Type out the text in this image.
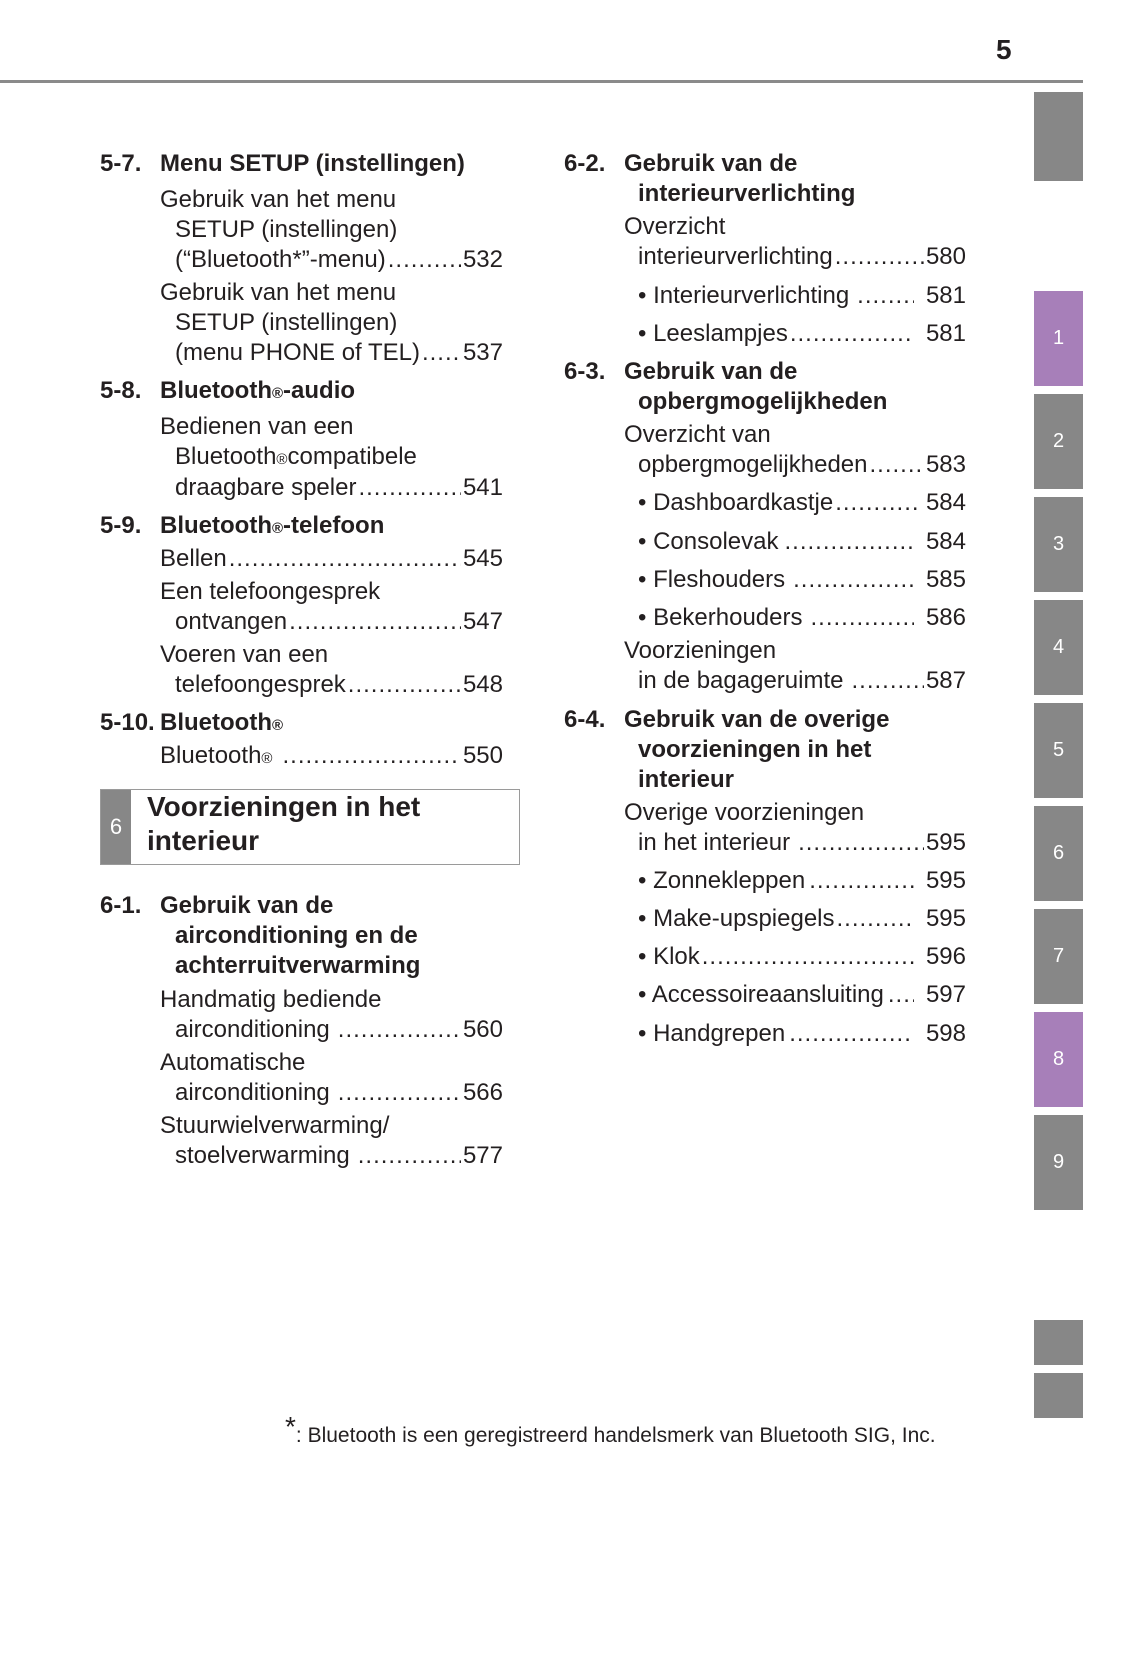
5
5-7. Menu SETUP (instellingen)
Gebruik van het menu
SETUP (instellingen)
(“Bluetooth*”-menu) .....	532
Gebruik van het menu
SETUP (instellingen)
(menu PHONE of TEL) ..... 537
5-8. Bluetooth ® -audio
Bedienen van een
Bluetooth ® compatibele
draagbare speler .....	541
5-9. Bluetooth ® -telefoon
Bellen .....	545
Een telefoongesprek
ontvangen .....	547
Voeren van een
telefoongesprek .....	548
5-10. Bluetooth ®
Bluetooth ® .....	550
6
Voorzieningen in het
interieur
6-1. Gebruik van de
airconditioning en de
achterruitverwarming
Handmatig bediende
airconditioning .....	560
Automatische
airconditioning .....	566
Stuurwielverwarming/
stoelverwarming .....	577
6-2. Gebruik van de
interieurverlichting
Overzicht
interieurverlichting .....	580
• Interieurverlichting .....	581
• Leeslampjes .....	581
6-3. Gebruik van de
opbergmogelijkheden
Overzicht van
opbergmogelijkheden ..... 583
• Dashboardkastje .....	584
• Consolevak .....	584
• Fleshouders .....	585
• Bekerhouders .....	586
Voorzieningen
in de bagageruimte .....	587
6-4. Gebruik van de overige
voorzieningen in het
interieur
Overige voorzieningen
in het interieur .....	595
• Zonnekleppen .....	595
• Make-upspiegels .....	595
• Klok .....	596
• Accessoireaansluiting ..... 597
• Handgrepen .....	598
1
2
3
4
5
6
7
8
9
*: Bluetooth is een geregistreerd handelsmerk van Bluetooth SIG, Inc.
